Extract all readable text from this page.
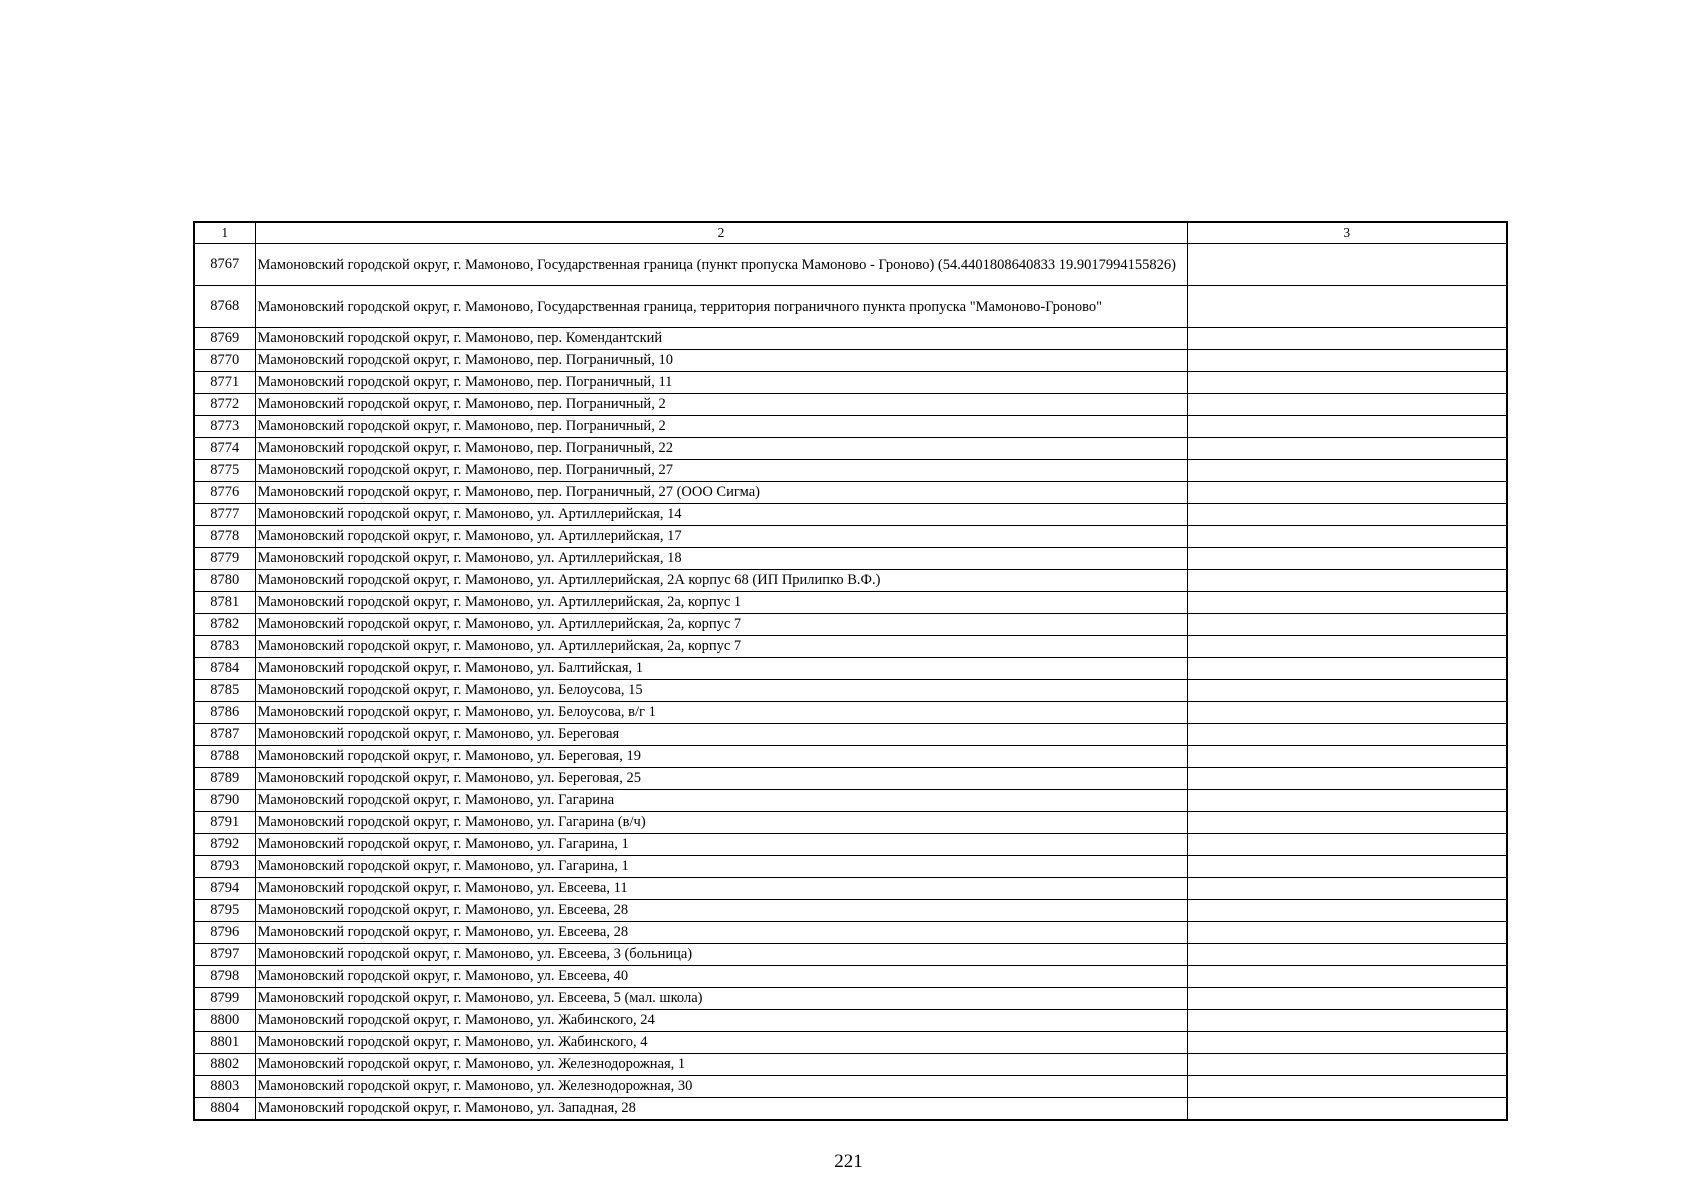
1	2	3
8767	Мамоновский городской округ, г. Мамоново, Государственная граница (пункт пропуска Мамоново - Гроново) (54.4401808640833 19.9017994155826)	
8768	Мамоновский городской округ, г. Мамоново, Государственная граница, территория пограничного пункта пропуска "Мамоново-Гроново"	
8769	Мамоновский городской округ, г. Мамоново, пер. Комендантский	
8770	Мамоновский городской округ, г. Мамоново, пер. Пограничный, 10	
8771	Мамоновский городской округ, г. Мамоново, пер. Пограничный, 11	
8772	Мамоновский городской округ, г. Мамоново, пер. Пограничный, 2	
8773	Мамоновский городской округ, г. Мамоново, пер. Пограничный, 2	
8774	Мамоновский городской округ, г. Мамоново, пер. Пограничный, 22	
8775	Мамоновский городской округ, г. Мамоново, пер. Пограничный, 27	
8776	Мамоновский городской округ, г. Мамоново, пер. Пограничный, 27 (ООО Сигма)	
8777	Мамоновский городской округ, г. Мамоново, ул. Артиллерийская, 14	
8778	Мамоновский городской округ, г. Мамоново, ул. Артиллерийская, 17	
8779	Мамоновский городской округ, г. Мамоново, ул. Артиллерийская, 18	
8780	Мамоновский городской округ, г. Мамоново, ул. Артиллерийская, 2А корпус 68 (ИП Прилипко В.Ф.)	
8781	Мамоновский городской округ, г. Мамоново, ул. Артиллерийская, 2а, корпус 1	
8782	Мамоновский городской округ, г. Мамоново, ул. Артиллерийская, 2а, корпус 7	
8783	Мамоновский городской округ, г. Мамоново, ул. Артиллерийская, 2а, корпус 7	
8784	Мамоновский городской округ, г. Мамоново, ул. Балтийская, 1	
8785	Мамоновский городской округ, г. Мамоново, ул. Белоусова, 15	
8786	Мамоновский городской округ, г. Мамоново, ул. Белоусова, в/г 1	
8787	Мамоновский городской округ, г. Мамоново, ул. Береговая	
8788	Мамоновский городской округ, г. Мамоново, ул. Береговая, 19	
8789	Мамоновский городской округ, г. Мамоново, ул. Береговая, 25	
8790	Мамоновский городской округ, г. Мамоново, ул. Гагарина	
8791	Мамоновский городской округ, г. Мамоново, ул. Гагарина (в/ч)	
8792	Мамоновский городской округ, г. Мамоново, ул. Гагарина, 1	
8793	Мамоновский городской округ, г. Мамоново, ул. Гагарина, 1	
8794	Мамоновский городской округ, г. Мамоново, ул. Евсеева, 11	
8795	Мамоновский городской округ, г. Мамоново, ул. Евсеева, 28	
8796	Мамоновский городской округ, г. Мамоново, ул. Евсеева, 28	
8797	Мамоновский городской округ, г. Мамоново, ул. Евсеева, 3 (больница)	
8798	Мамоновский городской округ, г. Мамоново, ул. Евсеева, 40	
8799	Мамоновский городской округ, г. Мамоново, ул. Евсеева, 5 (мал. школа)	
8800	Мамоновский городской округ, г. Мамоново, ул. Жабинского, 24	
8801	Мамоновский городской округ, г. Мамоново, ул. Жабинского, 4	
8802	Мамоновский городской округ, г. Мамоново, ул. Железнодорожная, 1	
8803	Мамоновский городской округ, г. Мамоново, ул. Железнодорожная, 30	
8804	Мамоновский городской округ, г. Мамоново, ул. Западная, 28	
221
